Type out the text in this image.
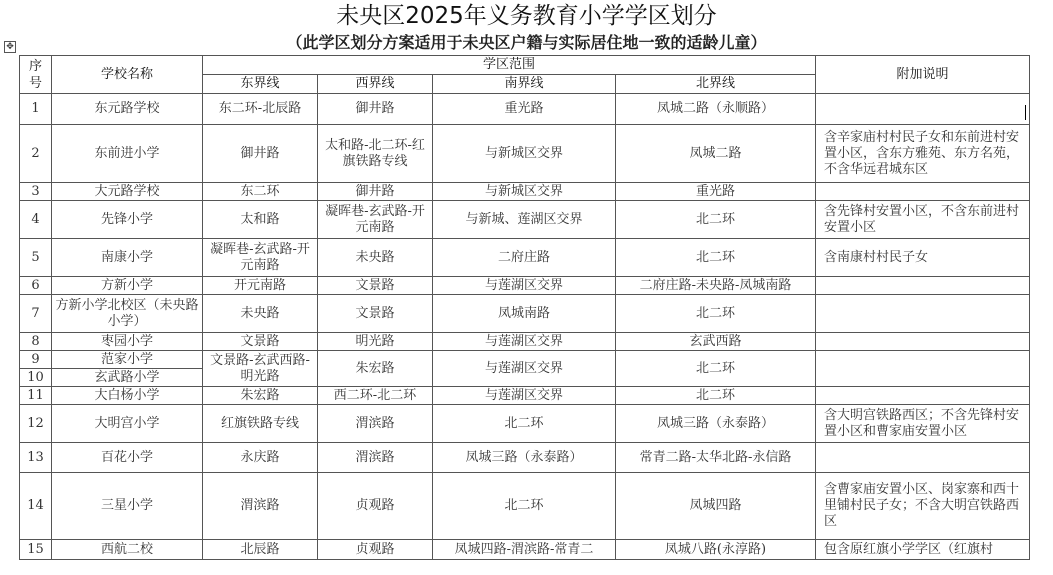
未央区2025年义务教育小学学区划分
（此学区划分方案适用于未央区户籍与实际居住地一致的适龄儿童）
✥
序号	学校名称	学区范围				附加说明
		东界线	西界线	南界线	北界线	
1	东元路学校	东二环-北辰路	御井路	重光路	凤城二路（永顺路）	

2	东前进小学	御井路	太和路-北二环-红旗铁路专线	与新城区交界	凤城二路	含辛家庙村村民子女和东前进村安置小区，含东方雅苑、东方名苑，不含华远君城东区
3	大元路学校	东二环	御井路	与新城区交界	重光路	
4	先锋小学	太和路	凝晖巷-玄武路-开元南路	与新城、莲湖区交界	北二环	含先锋村安置小区，不含东前进村安置小区
5	南康小学	凝晖巷-玄武路-开元南路	未央路	二府庄路	北二环	含南康村村民子女
6	方新小学	开元南路	文景路	与莲湖区交界	二府庄路-未央路-凤城南路	
7	方新小学北校区（未央路小学）	未央路	文景路	凤城南路	北二环	
8	枣园小学	文景路	明光路	与莲湖区交界	玄武西路	
9	范家小学	文景路-玄武西路-明光路	朱宏路	与莲湖区交界	北二环	
10	玄武路小学					
11	大白杨小学	朱宏路	西二环-北二环	与莲湖区交界	北二环	
12	大明宫小学	红旗铁路专线	渭滨路	北二环	凤城三路（永泰路）	含大明宫铁路西区；不含先锋村安置小区和曹家庙安置小区
13	百花小学	永庆路	渭滨路	凤城三路（永泰路）	常青二路-太华北路-永信路	
14	三星小学	渭滨路	贞观路	北二环	凤城四路	含曹家庙安置小区、岗家寨和西十里铺村民子女；不含大明宫铁路西区
15	西航二校	北辰路	贞观路	凤城四路-渭滨路-常青二	凤城八路(永淳路)	包含原红旗小学学区（红旗村
